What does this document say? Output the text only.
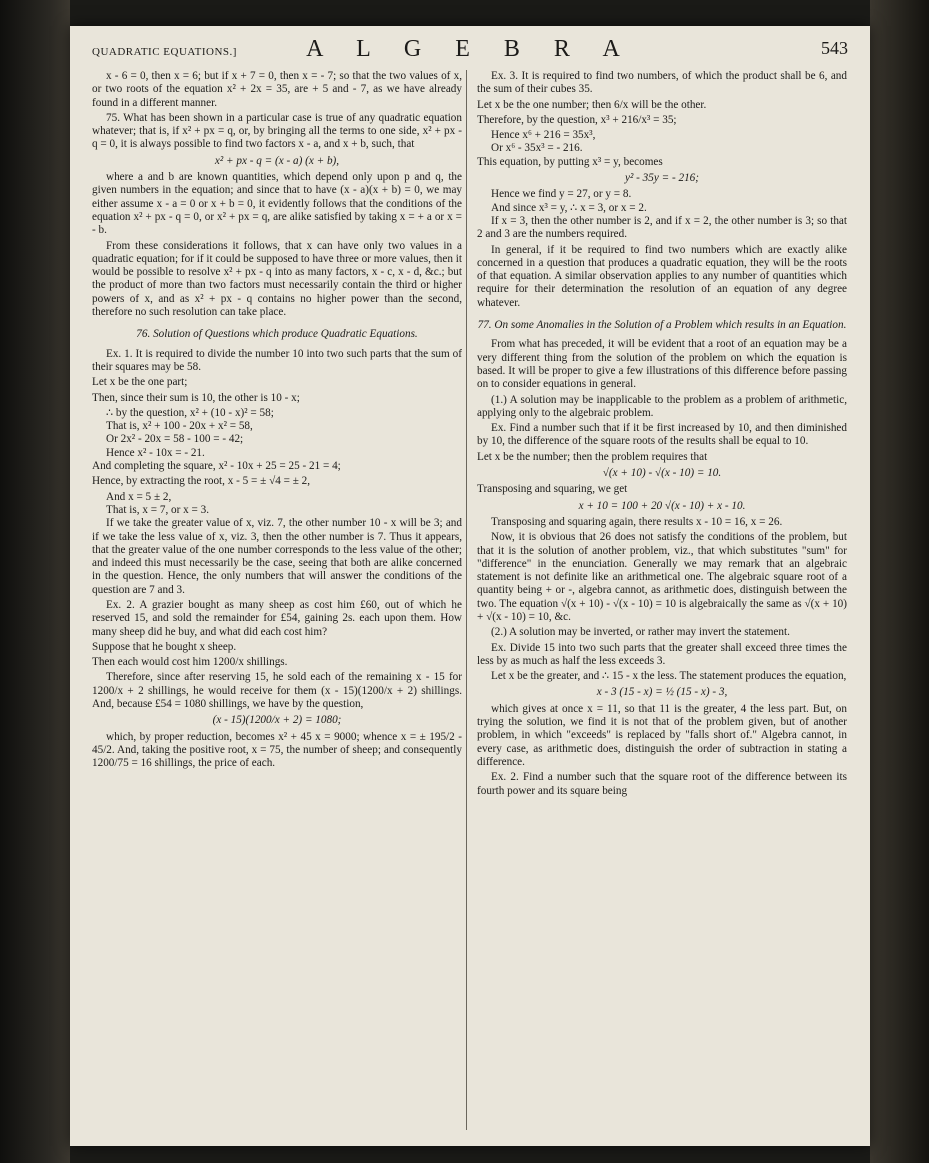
QUADRATIC EQUATIONS.]	A L G E B R A	543

x - 6 = 0, then x = 6; but if x + 7 = 0, then x = - 7; so that the two values of x, or two roots of the equation x² + 2x = 35, are + 5 and - 7, as we have already found in a different manner.

75. What has been shown in a particular case is true of any quadratic equation whatever; that is, if x² + px = q, or, by bringing all the terms to one side, x² + px - q = 0, it is always possible to find two factors x - a, and x + b, such, that

x² + px - q = (x - a) (x + b),

where a and b are known quantities, which depend only upon p and q, the given numbers in the equation; and since that to have (x - a)(x + b) = 0, we may either assume x - a = 0 or x + b = 0, it evidently follows that the conditions of the equation x² + px - q = 0, or x² + px = q, are alike satisfied by taking x = + a or x = - b.

From these considerations it follows, that x can have only two values in a quadratic equation; for if it could be supposed to have three or more values, then it would be possible to resolve x² + px - q into as many factors, x - c, x - d, &c.; but the product of more than two factors must necessarily contain the third or higher powers of x, and as x² + px - q contains no higher power than the second, therefore no such resolution can take place.

76. Solution of Questions which produce Quadratic Equations.

Ex. 1. It is required to divide the number 10 into two such parts that the sum of their squares may be 58.

Let x be the one part;

Then, since their sum is 10, the other is 10 - x;

∴ by the question, x² + (10 - x)² = 58;
That is, x² + 100 - 20x + x² = 58,
Or 2x² - 20x = 58 - 100 = - 42;
Hence x² - 10x = - 21.

And completing the square, x² - 10x + 25 = 25 - 21 = 4;

Hence, by extracting the root, x - 5 = ± √4 = ± 2,

And x = 5 ± 2,
That is, x = 7, or x = 3.

If we take the greater value of x, viz. 7, the other number 10 - x will be 3; and if we take the less value of x, viz. 3, then the other number is 7. Thus it appears, that the greater value of the one number corresponds to the less value of the other; and indeed this must necessarily be the case, seeing that both are alike concerned in the question. Hence, the only numbers that will answer the conditions of the question are 7 and 3.

Ex. 2. A grazier bought as many sheep as cost him £60, out of which he reserved 15, and sold the remainder for £54, gaining 2s. each upon them. How many sheep did he buy, and what did each cost him?

Suppose that he bought x sheep.

Then each would cost him 1200/x shillings.

Therefore, since after reserving 15, he sold each of the remaining x - 15 for 1200/x + 2 shillings, he would receive for them (x - 15)(1200/x + 2) shillings. And, because £54 = 1080 shillings, we have by the question,

(x - 15)(1200/x + 2) = 1080;

which, by proper reduction, becomes x² + 45 x = 9000; whence x = ± 195/2 - 45/2. And, taking the positive root, x = 75, the number of sheep; and consequently 1200/75 = 16 shillings, the price of each.

Ex. 3. It is required to find two numbers, of which the product shall be 6, and the sum of their cubes 35.

Let x be the one number; then 6/x will be the other.

Therefore, by the question, x³ + 216/x³ = 35;

Hence x⁶ + 216 = 35x³,
Or x⁶ - 35x³ = - 216.

This equation, by putting x³ = y, becomes

y² - 35y = - 216;

Hence we find y = 27, or y = 8.
And since x³ = y, ∴ x = 3, or x = 2.

If x = 3, then the other number is 2, and if x = 2, the other number is 3; so that 2 and 3 are the numbers required.

In general, if it be required to find two numbers which are exactly alike concerned in a question that produces a quadratic equation, they will be the roots of that equation. A similar observation applies to any number of quantities which require for their determination the resolution of an equation of any degree whatever.

77. On some Anomalies in the Solution of a Problem which results in an Equation.

From what has preceded, it will be evident that a root of an equation may be a very different thing from the solution of the problem on which the equation is based. It will be proper to give a few illustrations of this difference before passing on to consider equations in general.

(1.) A solution may be inapplicable to the problem as a problem of arithmetic, applying only to the algebraic problem.

Ex. Find a number such that if it be first increased by 10, and then diminished by 10, the difference of the square roots of the results shall be equal to 10.

Let x be the number; then the problem requires that

√(x + 10) - √(x - 10) = 10.

Transposing and squaring, we get

x + 10 = 100 + 20 √(x - 10) + x - 10.

Transposing and squaring again, there results x - 10 = 16, x = 26.

Now, it is obvious that 26 does not satisfy the conditions of the problem, but that it is the solution of another problem, viz., that which substitutes "sum" for "difference" in the enunciation. Generally we may remark that an algebraic statement is not definite like an arithmetical one. The algebraic square root of a quantity being + or -, algebra cannot, as arithmetic does, distinguish between the two. The equation √(x + 10) - √(x - 10) = 10 is algebraically the same as √(x + 10) + √(x - 10) = 10, &c.

(2.) A solution may be inverted, or rather may invert the statement.

Ex. Divide 15 into two such parts that the greater shall exceed three times the less by as much as half the less exceeds 3.

Let x be the greater, and ∴ 15 - x the less. The statement produces the equation,

x - 3 (15 - x) = ½ (15 - x) - 3,

which gives at once x = 11, so that 11 is the greater, 4 the less part. But, on trying the solution, we find it is not that of the problem given, but of another problem, in which "exceeds" is replaced by "falls short of." Algebra cannot, in every case, as arithmetic does, distinguish the order of subtraction in stating a difference.

Ex. 2. Find a number such that the square root of the difference between its fourth power and its square being
